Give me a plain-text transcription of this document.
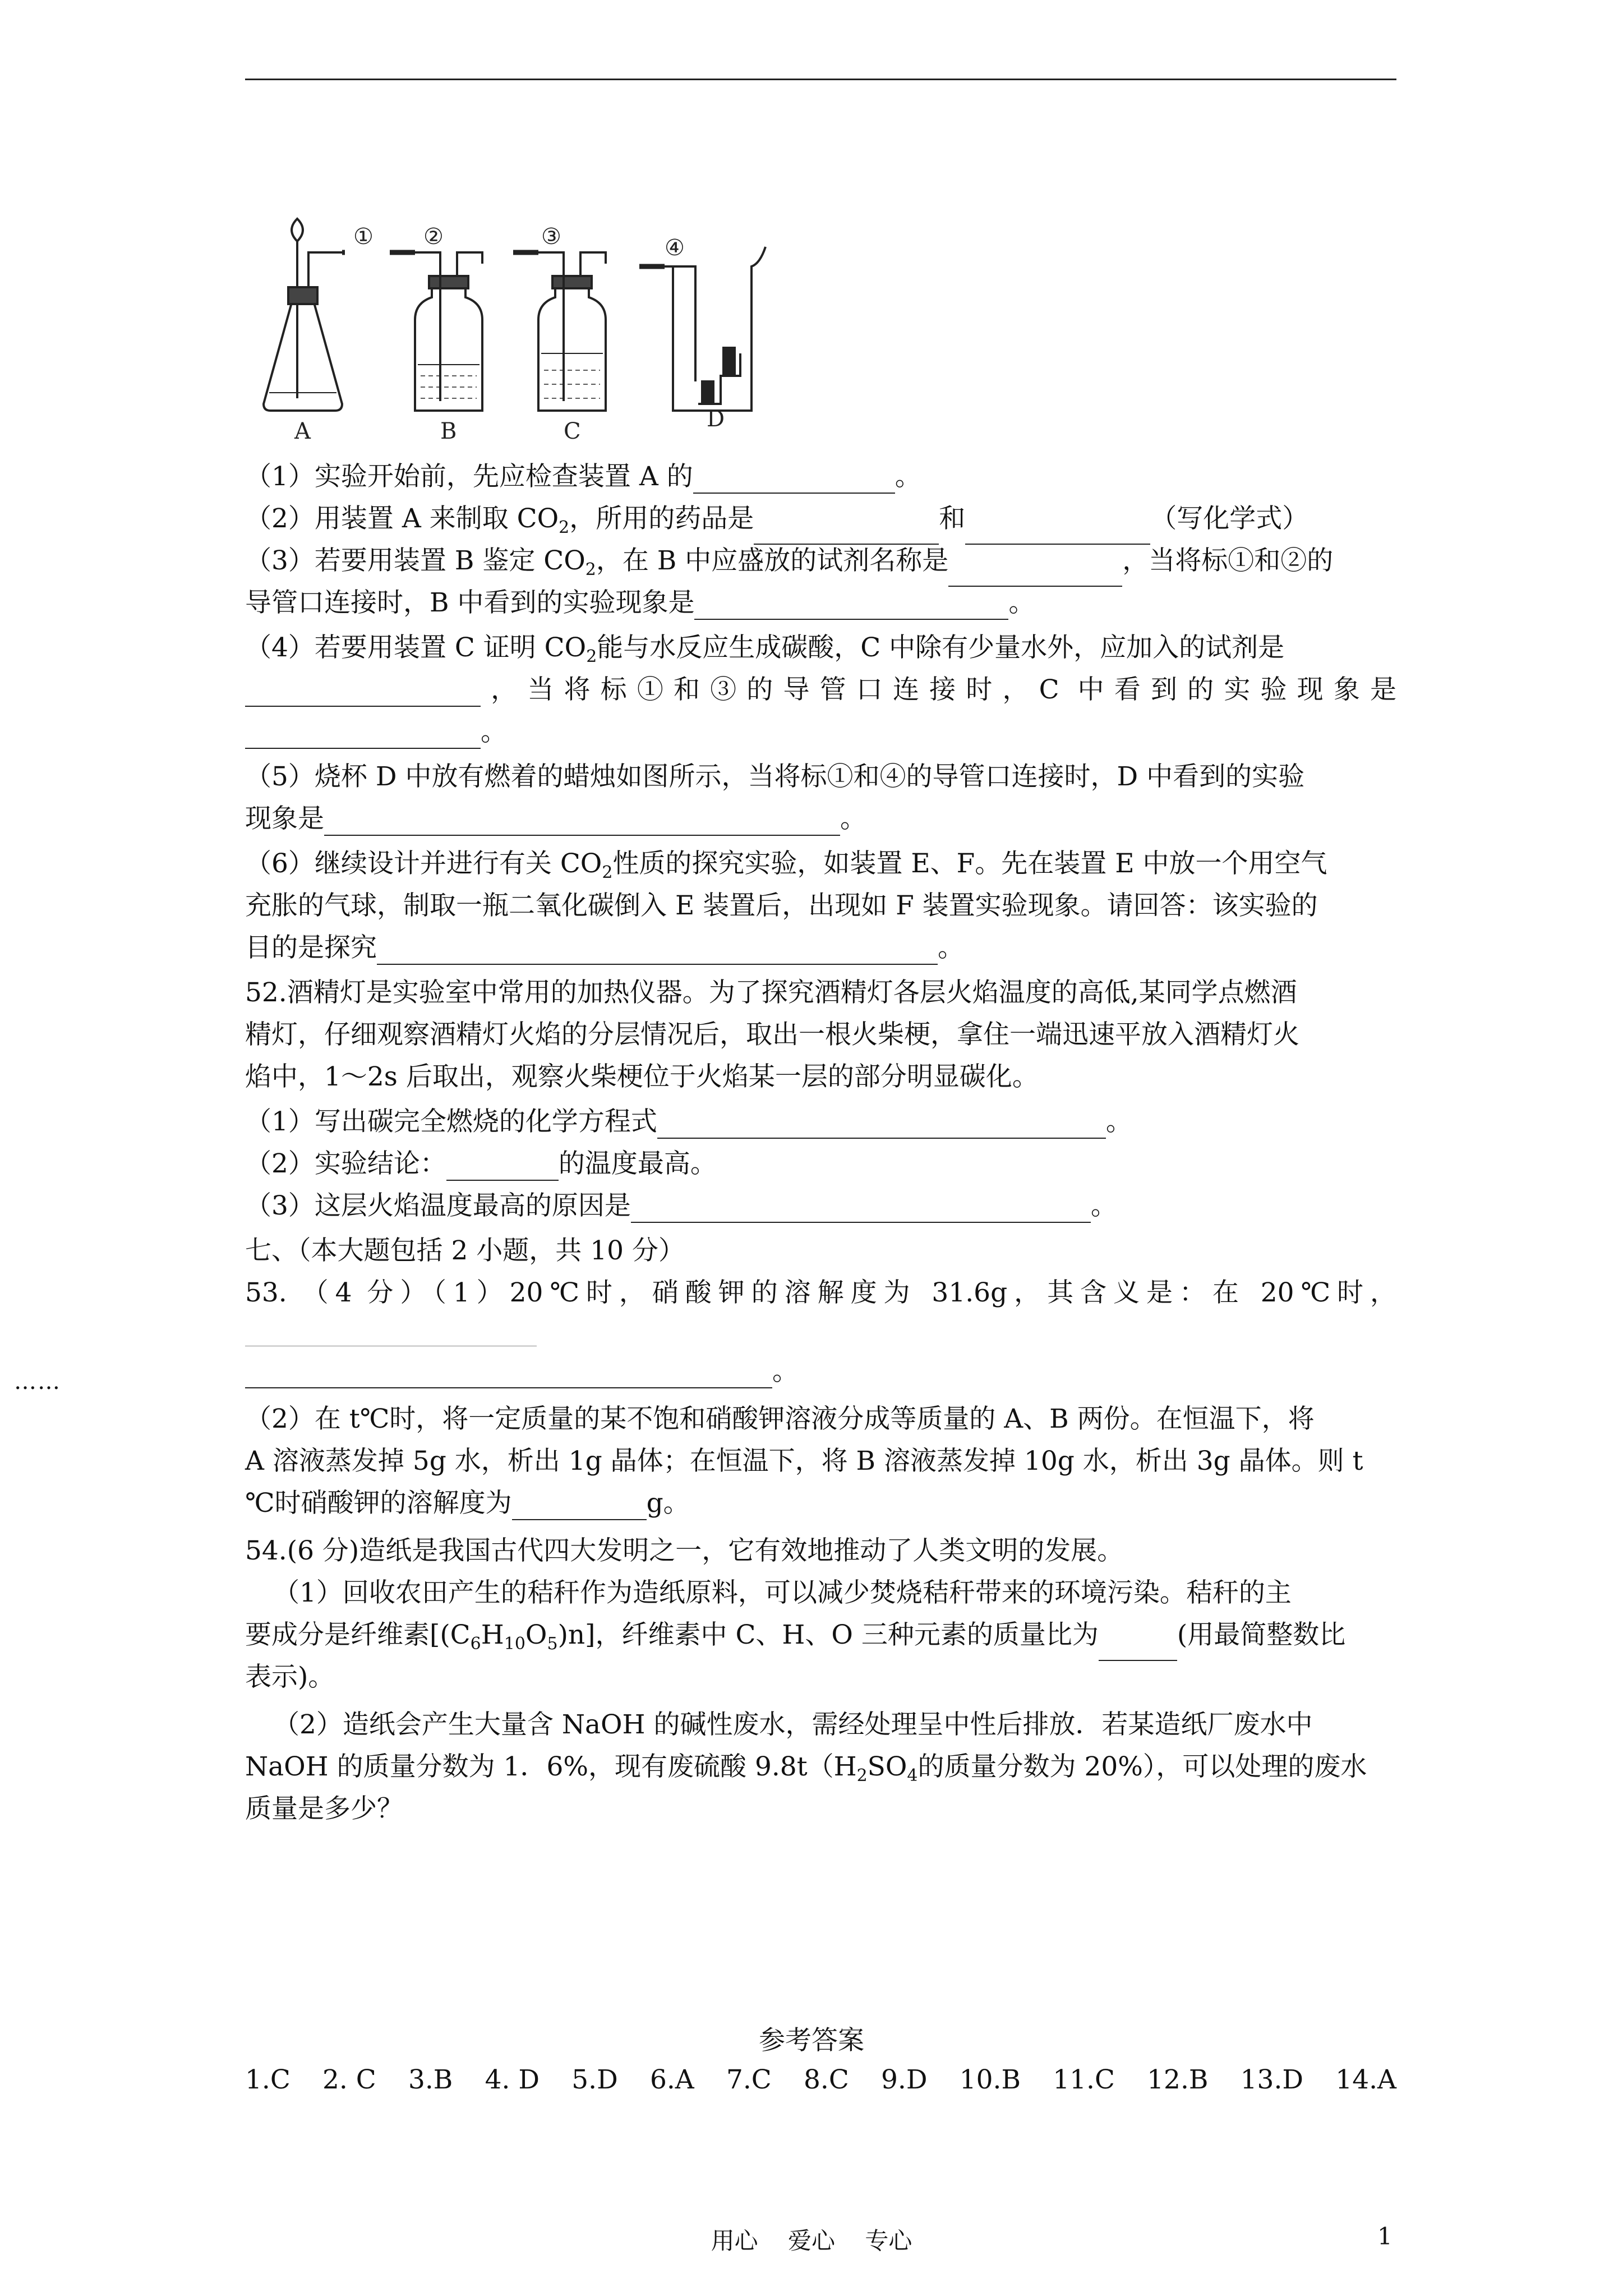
① ②	③	④
A	B	C	D
（1）实验开始前，先应检查装置 A 的	。
（2）用装置 A 来制取 $CO_2$，所用的药品是	和	（写化学式）
（3）若要用装置 B 鉴定 $CO_2$，在 B 中应盛放的试剂名称是	，当将标①和②的
导管口连接时，B 中看到的实验现象是	。
（4）若要用装置 C 证明 $CO_2$能与水反应生成碳酸，C 中除有少量水外，应加入的试剂是
，当将标①和③的导管口连接时，C 中看到的实验现象是
。
（5）烧杯 D 中放有燃着的蜡烛如图所示，当将标①和④的导管口连接时，D 中看到的实验
现象是	。
（6）继续设计并进行有关 $CO_2$性质的探究实验，如装置 E、F。先在装置 E 中放一个用空气
充胀的气球，制取一瓶二氧化碳倒入 E 装置后，出现如 F 装置实验现象。请回答：该实验的
目的是探究	。
52.酒精灯是实验室中常用的加热仪器。为了探究酒精灯各层火焰温度的高低,某同学点燃酒
精灯，仔细观察酒精灯火焰的分层情况后，取出一根火柴梗，拿住一端迅速平放入酒精灯火
焰中，1～2s 后取出，观察火柴梗位于火焰某一层的部分明显碳化。
（1）写出碳完全燃烧的化学方程式	。
（2）实验结论：	的温度最高。
（3）这层火焰温度最高的原因是	。
七、（本大题包括 2 小题，共 10 分）
53. （4 分）（1）20℃时，硝酸钾的溶解度为 31.6g，其含义是：在 20℃时，
……	。
（2）在 t℃时，将一定质量的某不饱和硝酸钾溶液分成等质量的 A、B 两份。在恒温下，将
A 溶液蒸发掉 5g 水，析出 1g 晶体；在恒温下，将 B 溶液蒸发掉 10g 水，析出 3g 晶体。则 t
℃时硝酸钾的溶解度为	g。
54.(6 分)造纸是我国古代四大发明之一，它有效地推动了人类文明的发展。
（1）回收农田产生的秸秆作为造纸原料，可以减少焚烧秸秆带来的环境污染。秸秆的主
要成分是纤维素$[(C_6H_{10}O_5)n]$，纤维素中 C、H、O 三种元素的质量比为	(用最简整数比
表示)。
（2）造纸会产生大量含 NaOH 的碱性废水，需经处理呈中性后排放．若某造纸厂废水中
NaOH 的质量分数为 1．6%，现有废硫酸 $9.8t(H_2SO_4$的质量分数为 20%），可以处理的废水
质量是多少？
参考答案
1.C 2. C 3.B 4. D 5.D 6.A 7.C 8.C 9.D 10.B 11.C 12.B 13.D 14.A
用心 爱心 专心	1
